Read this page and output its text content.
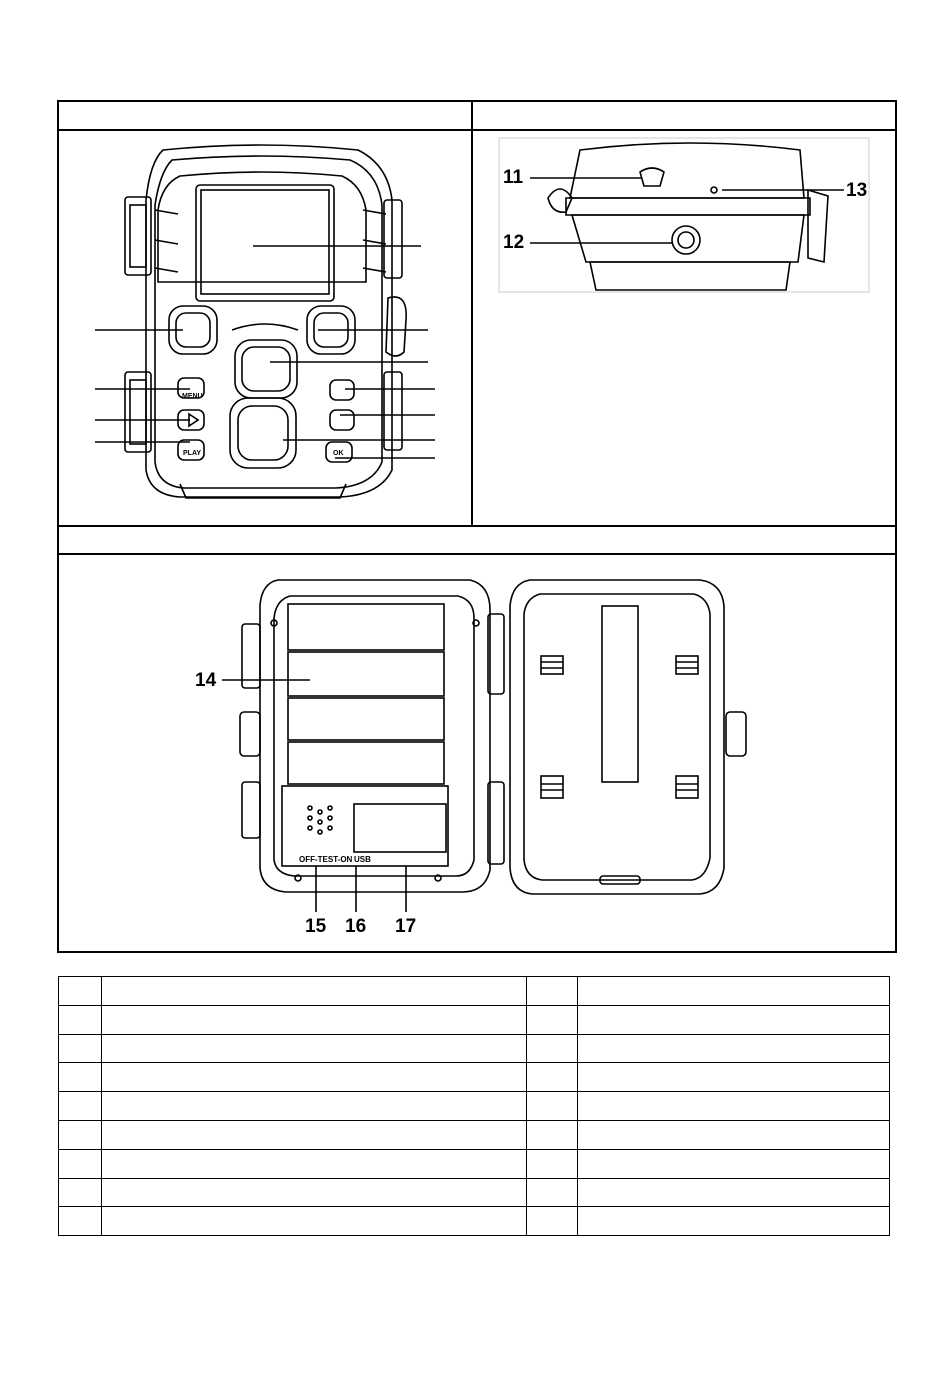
MENU
PLAY	OK
11
12
13
OFF-TEST-ON USB
14
15 16 17
